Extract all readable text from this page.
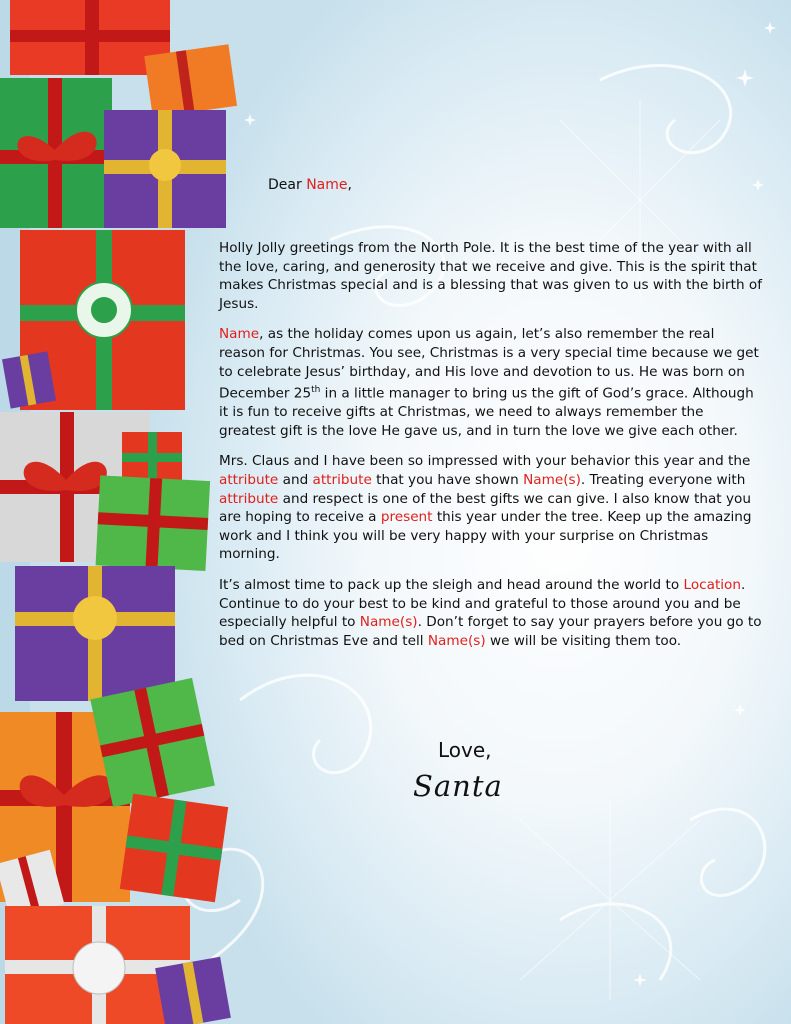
Dear Name,

Holly Jolly greetings from the North Pole. It is the best time of the year with all the love, caring, and generosity that we receive and give. This is the spirit that makes Christmas special and is a blessing that was given to us with the birth of Jesus.

Name, as the holiday comes upon us again, let’s also remember the real reason for Christmas. You see, Christmas is a very special time because we get to celebrate Jesus’ birthday, and His love and devotion to us. He was born on December 25th in a little manager to bring us the gift of God’s grace. Although it is fun to receive gifts at Christmas, we need to always remember the greatest gift is the love He gave us, and in turn the love we give each other.

Mrs. Claus and I have been so impressed with your behavior this year and the attribute and attribute that you have shown Name(s). Treating everyone with attribute and respect is one of the best gifts we can give. I also know that you are hoping to receive a present this year under the tree. Keep up the amazing work and I think you will be very happy with your surprise on Christmas morning.

It’s almost time to pack up the sleigh and head around the world to Location. Continue to do your best to be kind and grateful to those around you and be especially helpful to Name(s). Don’t forget to say your prayers before you go to bed on Christmas Eve and tell Name(s) we will be visiting them too.

Love,
Santa
